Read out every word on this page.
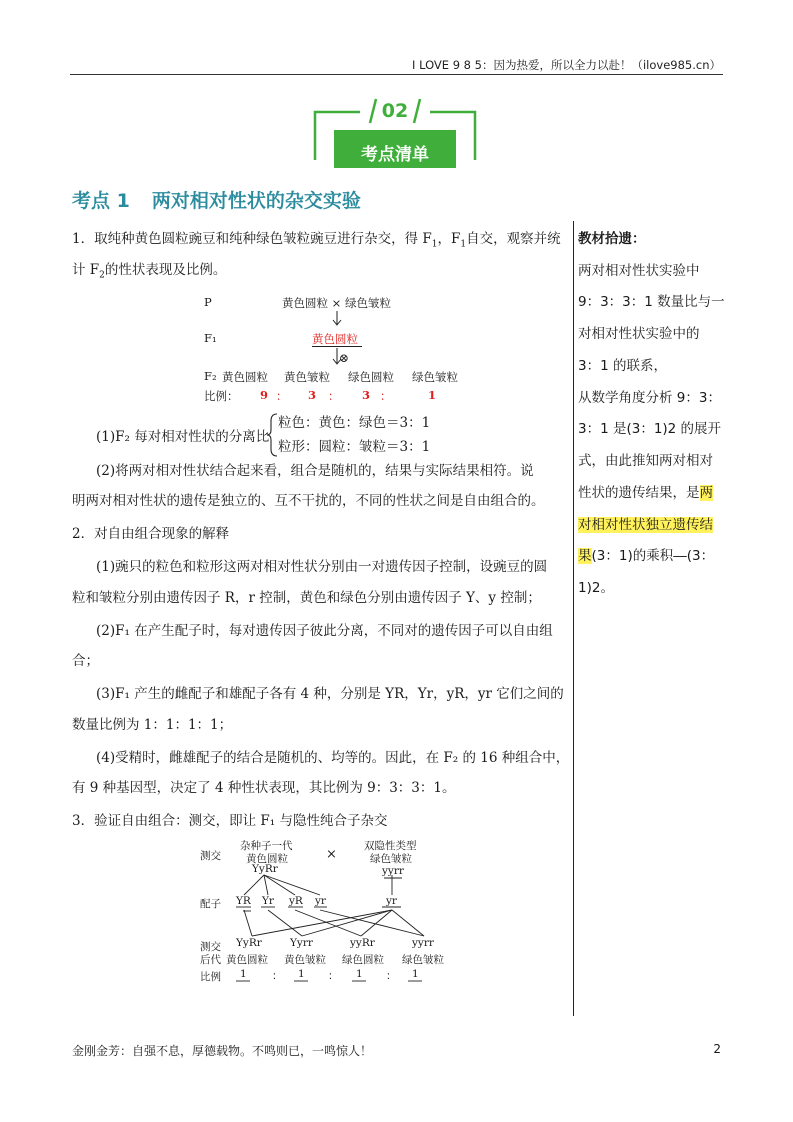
I LOVE 9 8 5：因为热爱，所以全力以赴！（ilove985.cn）
02
考点清单
考点 1 两对相对性状的杂交实验
1．取纯种黄色圆粒豌豆和纯种绿色皱粒豌豆进行杂交，得 $F_1$，$F_1$自交，观察并统
计 $F_2$的性状表现及比例。
P	黄色圆粒 × 绿色皱粒
F₁	黄色圆粒
⊗
F₂ 黄色圆粒 黄色皱粒 绿色圆粒 绿色皱粒
比例： 9 ： 3 ： 3 ：	1
(1)F₂ 每对相对性状的分离比
粒色：黄色：绿色＝3：1
粒形：圆粒：皱粒＝3：1
(2)将两对相对性状结合起来看，组合是随机的，结果与实际结果相符。说
明两对相对性状的遗传是独立的、互不干扰的，不同的性状之间是自由组合的。
2．对自由组合现象的解释
(1)豌只的粒色和粒形这两对相对性状分别由一对遗传因子控制，设豌豆的圆
粒和皱粒分别由遗传因子 R，r 控制，黄色和绿色分别由遗传因子 Y、y 控制；
(2)F₁ 在产生配子时，每对遗传因子彼此分离，不同对的遗传因子可以自由组
合；
(3)F₁ 产生的雌配子和雄配子各有 4 种，分别是 YR，Yr，yR，yr 它们之间的
数量比例为 1：1：1：1；
(4)受精时，雌雄配子的结合是随机的、均等的。因此，在 F₂ 的 16 种组合中，
有 9 种基因型，决定了 4 种性状表现，其比例为 9：3：3：1。
3．验证自由组合：测交，即让 F₁ 与隐性纯合子杂交
测交
杂种子一代
黄色圆粒
YyRr
×
双隐性类型
绿色皱粒
yyrr
配子 YR Yr yR yr	yr
测交
后代
YyRr	Yyrr	yyRr	yyrr
黄色圆粒 黄色皱粒 绿色圆粒 绿色皱粒
比例 1 ： 1 ： 1 ： 1
教材拾遗：
两对相对性状实验中
9：3：3：1 数量比与一
对相对性状实验中的
3：1 的联系，
从数学角度分析 9：3：
3：1 是(3：1)2 的展开
式，由此推知两对相对
性状的遗传结果，是两
对相对性状独立遗传结
果(3：1)的乘积―(3：
1)2。
金刚金芳：自强不息，厚德载物。不鸣则已，一鸣惊人！	2
